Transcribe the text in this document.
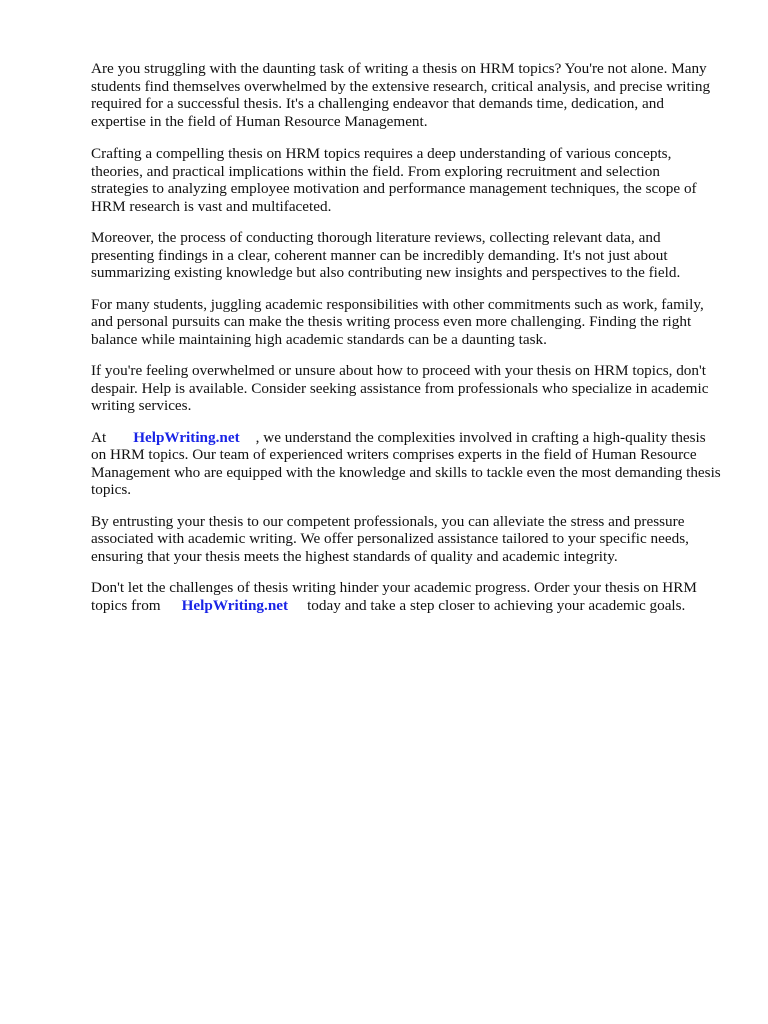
Are you struggling with the daunting task of writing a thesis on HRM topics? You're not alone. Many students find themselves overwhelmed by the extensive research, critical analysis, and precise writing required for a successful thesis. It's a challenging endeavor that demands time, dedication, and expertise in the field of Human Resource Management.

Crafting a compelling thesis on HRM topics requires a deep understanding of various concepts, theories, and practical implications within the field. From exploring recruitment and selection strategies to analyzing employee motivation and performance management techniques, the scope of HRM research is vast and multifaceted.

Moreover, the process of conducting thorough literature reviews, collecting relevant data, and presenting findings in a clear, coherent manner can be incredibly demanding. It's not just about summarizing existing knowledge but also contributing new insights and perspectives to the field.

For many students, juggling academic responsibilities with other commitments such as work, family, and personal pursuits can make the thesis writing process even more challenging. Finding the right balance while maintaining high academic standards can be a daunting task.

If you're feeling overwhelmed or unsure about how to proceed with your thesis on HRM topics, don't despair. Help is available. Consider seeking assistance from professionals who specialize in academic writing services.

At HelpWriting.net , we understand the complexities involved in crafting a high-quality thesis on HRM topics. Our team of experienced writers comprises experts in the field of Human Resource Management who are equipped with the knowledge and skills to tackle even the most demanding thesis topics.

By entrusting your thesis to our competent professionals, you can alleviate the stress and pressure associated with academic writing. We offer personalized assistance tailored to your specific needs, ensuring that your thesis meets the highest standards of quality and academic integrity.

Don't let the challenges of thesis writing hinder your academic progress. Order your thesis on HRM topics from HelpWriting.net today and take a step closer to achieving your academic goals.
